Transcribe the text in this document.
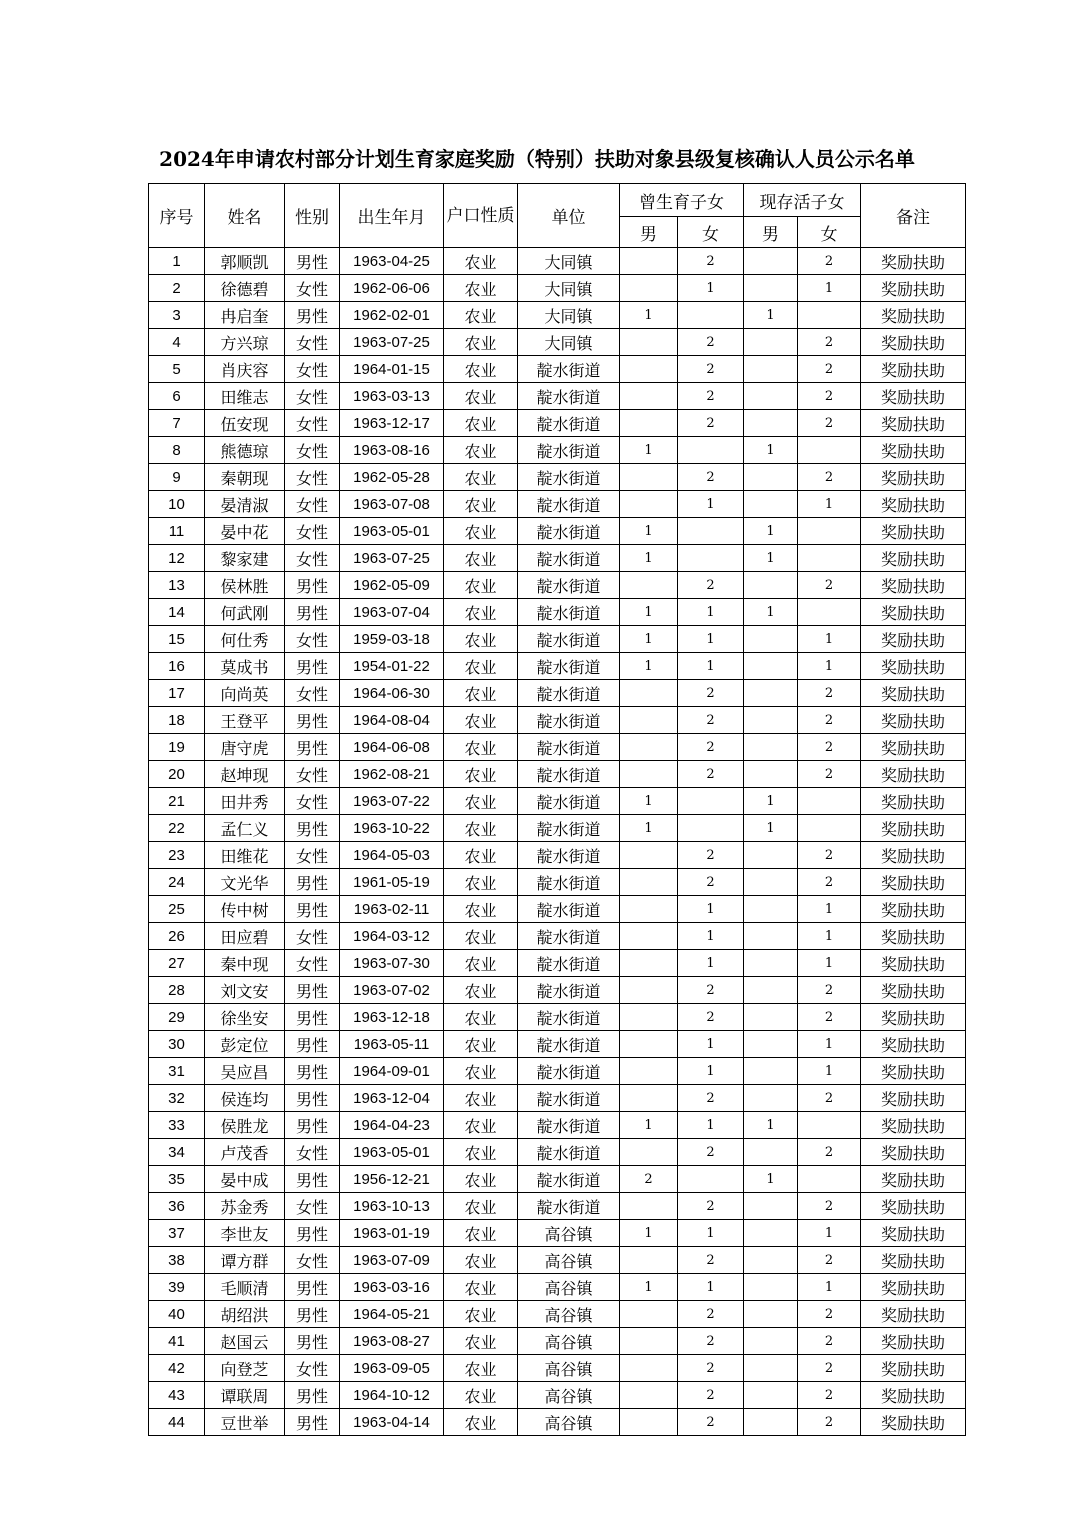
2024年申请农村部分计划生育家庭奖励（特别）扶助对象县级复核确认人员公示名单
序号	姓名	性别	出生年月	户口性质	单位	曾生育子女		现存活子女		备注
						男	女	男	女	
1	郭顺凯	男性	1963-04-25	农业	大同镇		2		2	奖励扶助
2	徐德碧	女性	1962-06-06	农业	大同镇		1		1	奖励扶助
3	冉启奎	男性	1962-02-01	农业	大同镇	1		1		奖励扶助
4	方兴琼	女性	1963-07-25	农业	大同镇		2		2	奖励扶助
5	肖庆容	女性	1964-01-15	农业	靛水街道		2		2	奖励扶助
6	田维志	女性	1963-03-13	农业	靛水街道		2		2	奖励扶助
7	伍安现	女性	1963-12-17	农业	靛水街道		2		2	奖励扶助
8	熊德琼	女性	1963-08-16	农业	靛水街道	1		1		奖励扶助
9	秦朝现	女性	1962-05-28	农业	靛水街道		2		2	奖励扶助
10	晏清淑	女性	1963-07-08	农业	靛水街道		1		1	奖励扶助
11	晏中花	女性	1963-05-01	农业	靛水街道	1		1		奖励扶助
12	黎家建	女性	1963-07-25	农业	靛水街道	1		1		奖励扶助
13	侯林胜	男性	1962-05-09	农业	靛水街道		2		2	奖励扶助
14	何武刚	男性	1963-07-04	农业	靛水街道	1	1	1		奖励扶助
15	何仕秀	女性	1959-03-18	农业	靛水街道	1	1		1	奖励扶助
16	莫成书	男性	1954-01-22	农业	靛水街道	1	1		1	奖励扶助
17	向尚英	女性	1964-06-30	农业	靛水街道		2		2	奖励扶助
18	王登平	男性	1964-08-04	农业	靛水街道		2		2	奖励扶助
19	唐守虎	男性	1964-06-08	农业	靛水街道		2		2	奖励扶助
20	赵坤现	女性	1962-08-21	农业	靛水街道		2		2	奖励扶助
21	田井秀	女性	1963-07-22	农业	靛水街道	1		1		奖励扶助
22	孟仁义	男性	1963-10-22	农业	靛水街道	1		1		奖励扶助
23	田维花	女性	1964-05-03	农业	靛水街道		2		2	奖励扶助
24	文光华	男性	1961-05-19	农业	靛水街道		2		2	奖励扶助
25	传中树	男性	1963-02-11	农业	靛水街道		1		1	奖励扶助
26	田应碧	女性	1964-03-12	农业	靛水街道		1		1	奖励扶助
27	秦中现	女性	1963-07-30	农业	靛水街道		1		1	奖励扶助
28	刘文安	男性	1963-07-02	农业	靛水街道		2		2	奖励扶助
29	徐坐安	男性	1963-12-18	农业	靛水街道		2		2	奖励扶助
30	彭定位	男性	1963-05-11	农业	靛水街道		1		1	奖励扶助
31	吴应昌	男性	1964-09-01	农业	靛水街道		1		1	奖励扶助
32	侯连均	男性	1963-12-04	农业	靛水街道		2		2	奖励扶助
33	侯胜龙	男性	1964-04-23	农业	靛水街道	1	1	1		奖励扶助
34	卢茂香	女性	1963-05-01	农业	靛水街道		2		2	奖励扶助
35	晏中成	男性	1956-12-21	农业	靛水街道	2		1		奖励扶助
36	苏金秀	女性	1963-10-13	农业	靛水街道		2		2	奖励扶助
37	李世友	男性	1963-01-19	农业	高谷镇	1	1		1	奖励扶助
38	谭方群	女性	1963-07-09	农业	高谷镇		2		2	奖励扶助
39	毛顺清	男性	1963-03-16	农业	高谷镇	1	1		1	奖励扶助
40	胡绍洪	男性	1964-05-21	农业	高谷镇		2		2	奖励扶助
41	赵国云	男性	1963-08-27	农业	高谷镇		2		2	奖励扶助
42	向登芝	女性	1963-09-05	农业	高谷镇		2		2	奖励扶助
43	谭联周	男性	1964-10-12	农业	高谷镇		2		2	奖励扶助
44	豆世举	男性	1963-04-14	农业	高谷镇		2		2	奖励扶助
